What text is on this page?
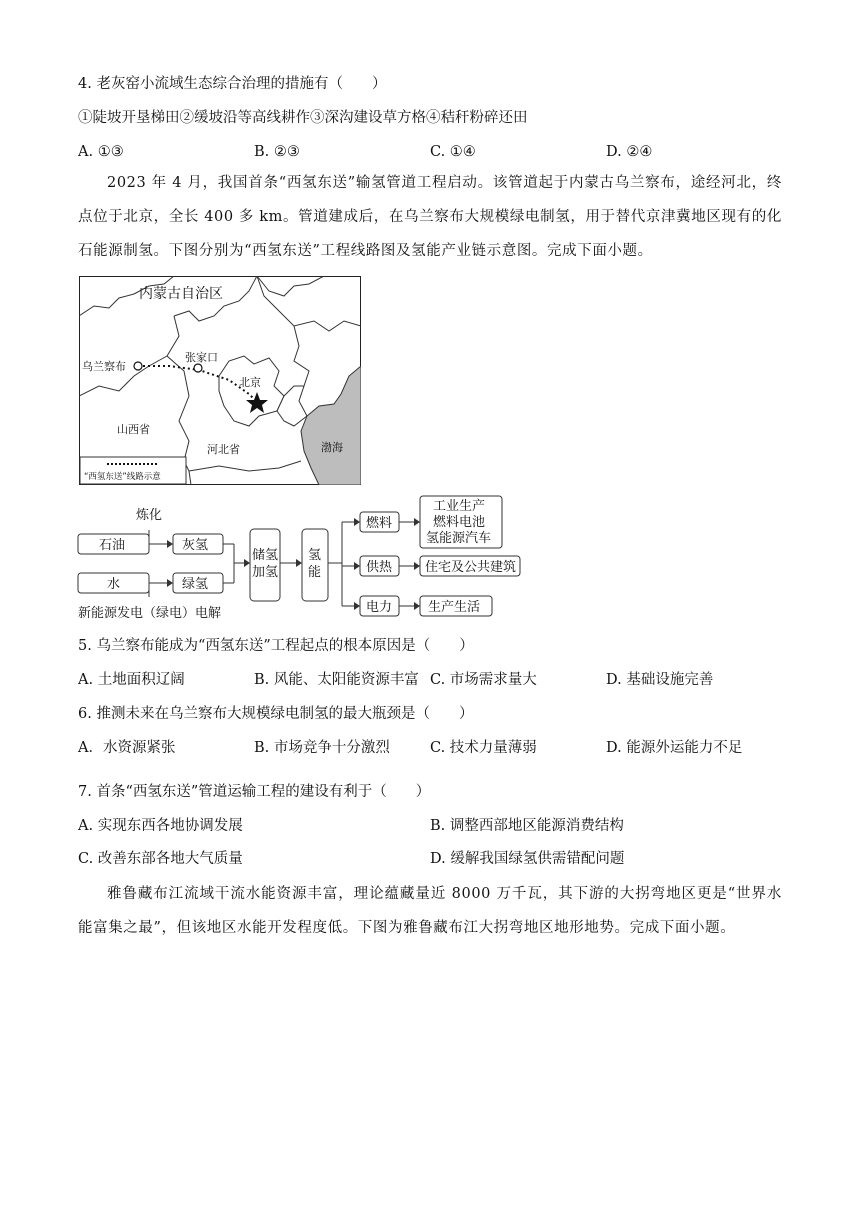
4. 老灰窑小流域生态综合治理的措施有（　　）
①陡坡开垦梯田②缓坡沿等高线耕作③深沟建设草方格④秸秆粉碎还田
A. ①③	B. ②③	C. ①④	D. ②④
2023 年 4 月，我国首条“西氢东送”输氢管道工程启动。该管道起于内蒙古乌兰察布，途经河北，终点位于北京，全长 400 多 km。管道建成后，在乌兰察布大规模绿电制氢，用于替代京津冀地区现有的化石能源制氢。下图分别为“西氢东送”工程线路图及氢能产业链示意图。完成下面小题。
内蒙古自治区
乌兰察布
张家口
北京
山西省
河北省	渤海
“西氢东送”线路示意
炼化
新能源发电（绿电）电解
石油
水
灰氢
绿氢
储氢
加氢
氢
能
燃料
供热
电力
工业生产
燃料电池
氢能源汽车
住宅及公共建筑
生产生活
5. 乌兰察布能成为“西氢东送”工程起点的根本原因是（　　）
A. 土地面积辽阔	B. 风能、太阳能资源丰富 C. 市场需求量大	D. 基础设施完善
6. 推测未来在乌兰察布大规模绿电制氢的最大瓶颈是（　　）
A．水资源紧张	B. 市场竞争十分激烈	C. 技术力量薄弱	D. 能源外运能力不足
7. 首条“西氢东送”管道运输工程的建设有利于（　　）
A. 实现东西各地协调发展	B. 调整西部地区能源消费结构
C. 改善东部各地大气质量	D. 缓解我国绿氢供需错配问题
雅鲁藏布江流域干流水能资源丰富，理论蕴藏量近 8000 万千瓦，其下游的大拐弯地区更是“世界水能富集之最”，但该地区水能开发程度低。下图为雅鲁藏布江大拐弯地区地形地势。完成下面小题。
